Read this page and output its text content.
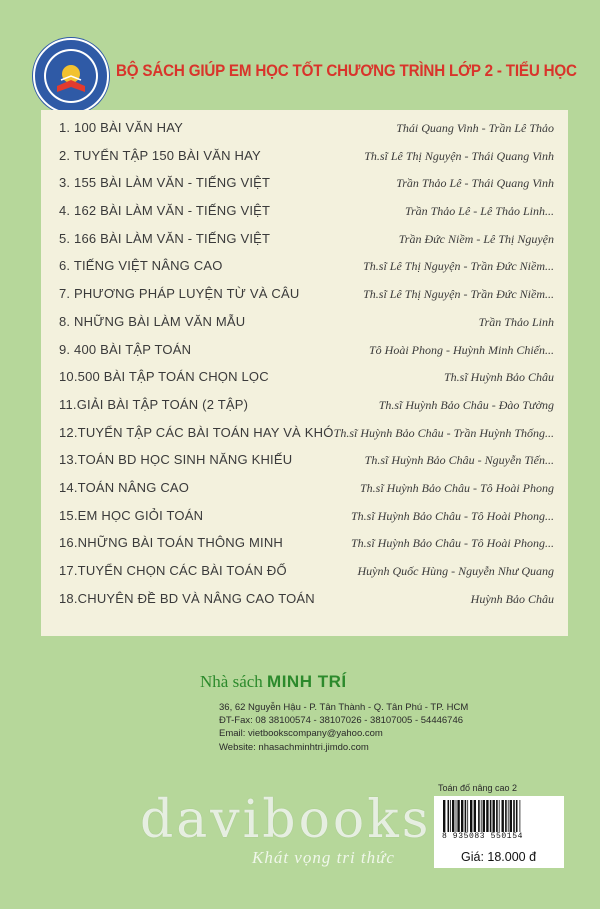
BỘ SÁCH GIÚP EM HỌC TỐT CHƯƠNG TRÌNH LỚP 2 - TIỂU HỌC
1. 100 BÀI VĂN HAY	Thái Quang Vinh - Trần Lê Thảo
2. TUYỂN TẬP 150 BÀI VĂN HAY	Th.sĩ Lê Thị Nguyện - Thái Quang Vinh
3. 155 BÀI LÀM VĂN - TIẾNG VIỆT	Trần Thảo Lê - Thái Quang Vinh
4. 162 BÀI LÀM VĂN - TIẾNG VIỆT	Trần Thảo Lê - Lê Thảo Linh...
5. 166 BÀI LÀM VĂN - TIẾNG VIỆT	Trần Đức Niềm - Lê Thị Nguyện
6. TIẾNG VIỆT NÂNG CAO	Th.sĩ Lê Thị Nguyện - Trần Đức Niềm...
7. PHƯƠNG PHÁP LUYỆN TỪ VÀ CÂU	Th.sĩ Lê Thị Nguyện - Trần Đức Niềm...
8. NHỮNG BÀI LÀM VĂN MẪU	Trần Thảo Linh
9. 400 BÀI TẬP TOÁN	Tô Hoài Phong - Huỳnh Minh Chiến...
10.500 BÀI TẬP TOÁN CHỌN LỌC	Th.sĩ Huỳnh Bảo Châu
11.GIẢI BÀI TẬP TOÁN (2 TẬP)	Th.sĩ Huỳnh Bảo Châu - Đào Tường
12.TUYỂN TẬP CÁC BÀI TOÁN HAY VÀ KHÓ Th.sĩ Huỳnh Bảo Châu - Trần Huỳnh Thống...
13.TOÁN BD HỌC SINH NĂNG KHIẾU	Th.sĩ Huỳnh Bảo Châu - Nguyễn Tiến...
14.TOÁN NÂNG CAO	Th.sĩ Huỳnh Bảo Châu - Tô Hoài Phong
15.EM HỌC GIỎI TOÁN	Th.sĩ Huỳnh Bảo Châu - Tô Hoài Phong...
16.NHỮNG BÀI TOÁN THÔNG MINH	Th.sĩ Huỳnh Bảo Châu - Tô Hoài Phong...
17.TUYỂN CHỌN CÁC BÀI TOÁN ĐỐ	Huỳnh Quốc Hùng - Nguyễn Như Quang
18.CHUYÊN ĐỀ BD VÀ NÂNG CAO TOÁN	Huỳnh Bảo Châu
Nhà sách MINH TRÍ
36, 62 Nguyễn Hậu - P. Tân Thành - Q. Tân Phú - TP. HCM
ĐT-Fax: 08 38100574 - 38107026 - 38107005 - 54446746
Email: vietbookscompany@yahoo.com
Website: nhasachminhtri.jimdo.com
davibooks
Khát vọng tri thức
Toán đố nâng cao 2
8 935083 550154
Giá: 18.000 đ
